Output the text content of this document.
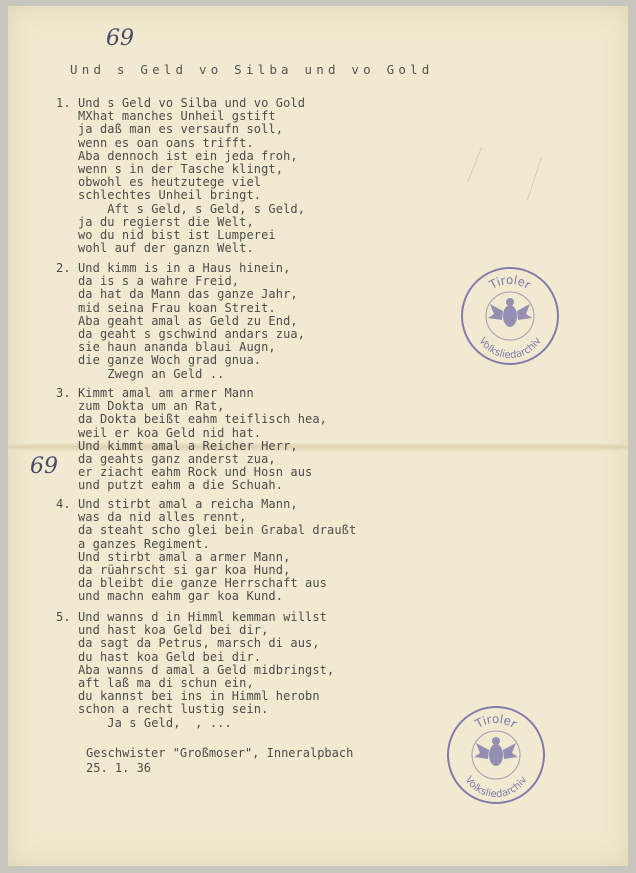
69
69
Und s Geld vo Silba und vo Gold
1. Und s Geld vo Silba und vo Gold
MXhat manches Unheil gstift
ja daß man es versaufn soll,
wenn es oan oans trifft.
Aba dennoch ist ein jeda froh,
wenn s in der Tasche klingt,
obwohl es heutzutege viel
schlechtes Unheil bringt.
Aft s Geld, s Geld, s Geld,
ja du regierst die Welt,
wo du nid bist ist Lumperei
wohl auf der ganzn Welt.
2. Und kimm is in a Haus hinein,
da is s a wahre Freid,
da hat da Mann das ganze Jahr,
mid seina Frau koan Streit.
Aba geaht amal as Geld zu End,
da geaht s gschwind andars zua,
sie haun ananda blaui Augn,
die ganze Woch grad gnua.
Zwegn an Geld ..
3. Kimmt amal am armer Mann
zum Dokta um an Rat,
da Dokta beißt eahm teiflisch hea,
weil er koa Geld nid hat.
Und kimmt amal a Reicher Herr,
da geahts ganz anderst zua,
er ziacht eahm Rock und Hosn aus
und putzt eahm a die Schuah.
4. Und stirbt amal a reicha Mann,
was da nid alles rennt,
da steaht scho glei bein Grabal draußt
a ganzes Regiment.
Und stirbt amal a armer Mann,
da rüahrscht si gar koa Hund,
da bleibt die ganze Herrschaft aus
und machn eahm gar koa Kund.
5. Und wanns d in Himml kemman willst
und hast koa Geld bei dir,
da sagt da Petrus, marsch di aus,
du hast koa Geld bei dir.
Aba wanns d amal a Geld midbringst,
aft laß ma di schun ein,
du kannst bei ins in Himml herobn
schon a recht lustig sein.
Ja s Geld,  , ...
Geschwister "Großmoser", Inneralpbach
25. 1. 36
Tiroler
Volksliedarchiv
Tiroler
Volksliedarchiv
